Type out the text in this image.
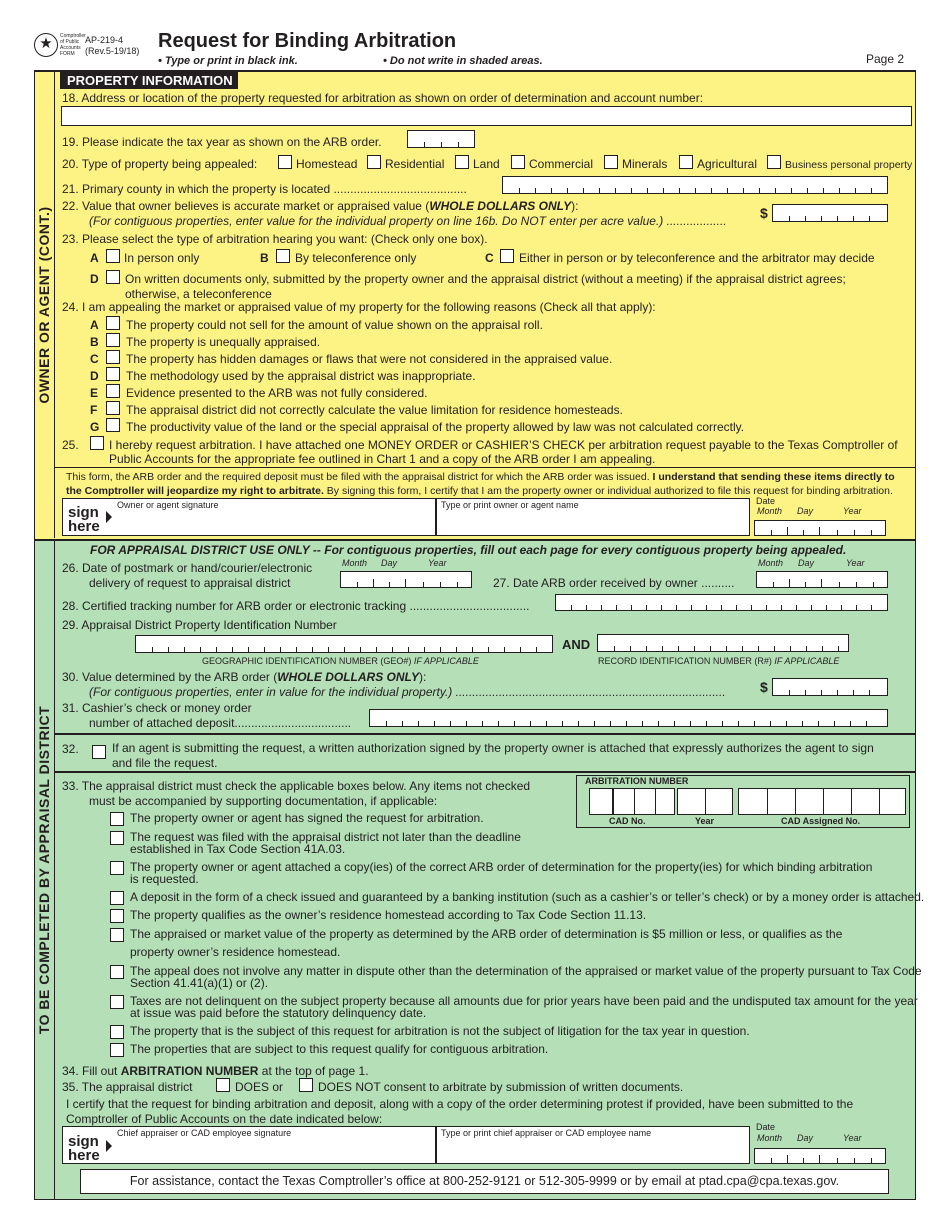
★	Comptroller of Public Accounts FORM
AP-219-4
(Rev.5-19/18) Request for Binding Arbitration
• Type or print in black ink.	• Do not write in shaded areas.	Page 2
OWNER OR AGENT (CONT.)
PROPERTY INFORMATION
18. Address or location of the property requested for arbitration as shown on order of determination and account number:
19. Please indicate the tax year as shown on the ARB order.
20. Type of property being appealed:	Homestead Residential Land Commercial Minerals Agricultural	Business personal property
21. Primary county in which the property is located ........................................
22. Value that owner believes is accurate market or appraised value (WHOLE DOLLARS ONLY):
(For contiguous properties, enter value for the individual property on line 16b. Do NOT enter per acre value.) .................. $
23. Please select the type of arbitration hearing you want: (Check only one box).
A In person only	B By teleconference only	C Either in person or by teleconference and the arbitrator may decide
D On written documents only, submitted by the property owner and the appraisal district (without a meeting) if the appraisal district agrees;
otherwise, a teleconference
24. I am appealing the market or appraised value of my property for the following reasons (Check all that apply):
A The property could not sell for the amount of value shown on the appraisal roll.
B The property is unequally appraised.
C The property has hidden damages or flaws that were not considered in the appraised value.
D The methodology used by the appraisal district was inappropriate.
E Evidence presented to the ARB was not fully considered.
F The appraisal district did not correctly calculate the value limitation for residence homesteads.
G The productivity value of the land or the special appraisal of the property allowed by law was not calculated correctly.
25.	I hereby request arbitration. I have attached one MONEY ORDER or CASHIER’S CHECK per arbitration request payable to the Texas Comptroller of
Public Accounts for the appropriate fee outlined in Chart 1 and a copy of the ARB order I am appealing.
This form, the ARB order and the required deposit must be filed with the appraisal district for which the ARB order was issued. I understand that sending these items directly to
the Comptroller will jeopardize my right to arbitrate. By signing this form, I certify that I am the property owner or individual authorized to file this request for binding arbitration.
sign
here
Owner or agent signature	Type or print owner or agent name	Date
Month Day	Year
TO BE COMPLETED BY APPRAISAL DISTRICT
FOR APPRAISAL DISTRICT USE ONLY -- For contiguous properties, fill out each page for every contiguous property being appealed.
26. Date of postmark or hand/courier/electronic
delivery of request to appraisal district
Month Day	Year
27. Date ARB order received by owner ..........
Month Day	Year
28. Certified tracking number for ARB order or electronic tracking ....................................
29. Appraisal District Property Identification Number
AND
GEOGRAPHIC IDENTIFICATION NUMBER (GEO#) IF APPLICABLE	RECORD IDENTIFICATION NUMBER (R#) IF APPLICABLE
30. Value determined by the ARB order (WHOLE DOLLARS ONLY):
(For contiguous properties, enter in value for the individual property.) ................................................................................. $
31. Cashier’s check or money order
number of attached deposit...................................
32.	If an agent is submitting the request, a written authorization signed by the property owner is attached that expressly authorizes the agent to sign
and file the request.
33. The appraisal district must check the applicable boxes below. Any items not checked
must be accompanied by supporting documentation, if applicable:
ARBITRATION NUMBER
CAD No.	Year	CAD Assigned No.
The property owner or agent has signed the request for arbitration.
The request was filed with the appraisal district not later than the deadline
established in Tax Code Section 41A.03.
The property owner or agent attached a copy(ies) of the correct ARB order of determination for the property(ies) for which binding arbitration
is requested.
A deposit in the form of a check issued and guaranteed by a banking institution (such as a cashier’s or teller’s check) or by a money order is attached.
The property qualifies as the owner’s residence homestead according to Tax Code Section 11.13.
The appraised or market value of the property as determined by the ARB order of determination is $5 million or less, or qualifies as the
property owner’s residence homestead.
The appeal does not involve any matter in dispute other than the determination of the appraised or market value of the property pursuant to Tax Code
Section 41.41(a)(1) or (2).
Taxes are not delinquent on the subject property because all amounts due for prior years have been paid and the undisputed tax amount for the year
at issue was paid before the statutory delinquency date.
The property that is the subject of this request for arbitration is not the subject of litigation for the tax year in question.
The properties that are subject to this request qualify for contiguous arbitration.
34. Fill out ARBITRATION NUMBER at the top of page 1.
35. The appraisal district	DOES or	DOES NOT consent to arbitrate by submission of written documents.
I certify that the request for binding arbitration and deposit, along with a copy of the order determining protest if provided, have been submitted to the
Comptroller of Public Accounts on the date indicated below:
sign
here
Chief appraiser or CAD employee signature	Type or print chief appraiser or CAD employee name
Date
Month Day	Year
For assistance, contact the Texas Comptroller’s office at 800-252-9121 or 512-305-9999 or by email at ptad.cpa@cpa.texas.gov.
